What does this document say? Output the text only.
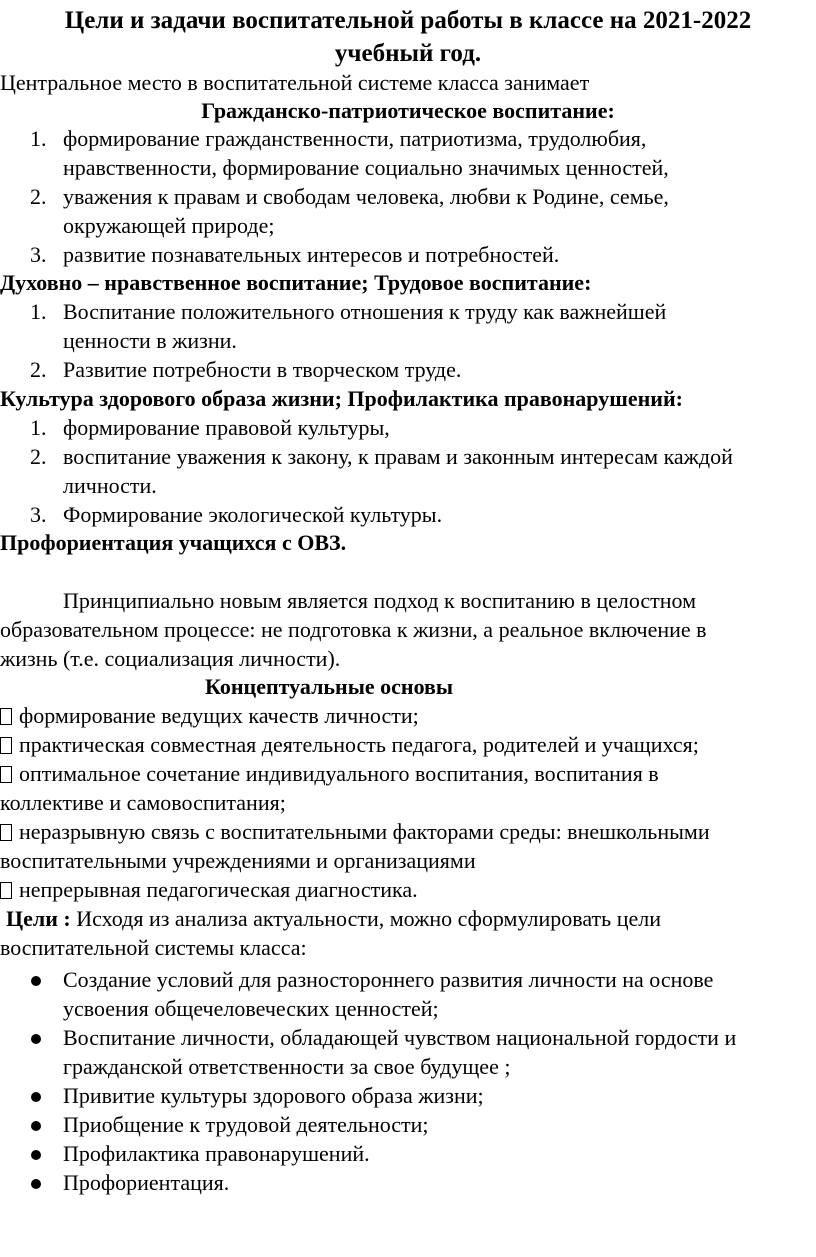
Цели и задачи воспитательной работы в классе на 2021-2022
учебный год.
Центральное место в воспитательной системе класса занимает
Гражданско-патриотическое воспитание:
1. формирование гражданственности, патриотизма, трудолюбия,
нравственности, формирование социально значимых ценностей,
2. уважения к правам и свободам человека, любви к Родине, семье,
окружающей природе;
3. развитие познавательных интересов и потребностей.
Духовно – нравственное воспитание; Трудовое воспитание:
1. Воспитание положительного отношения к труду как важнейшей
ценности в жизни.
2. Развитие потребности в творческом труде.
Культура здорового образа жизни; Профилактика правонарушений:
1. формирование правовой культуры,
2. воспитание уважения к закону, к правам и законным интересам каждой
личности.
3. Формирование экологической культуры.
Профориентация учащихся с ОВЗ.
Принципиально новым является подход к воспитанию в целостном
образовательном процессе: не подготовка к жизни, а реальное включение в
жизнь (т.е. социализация личности).
Концептуальные основы
формирование ведущих качеств личности;
практическая совместная деятельность педагога, родителей и учащихся;
оптимальное сочетание индивидуального воспитания, воспитания в
коллективе и самовоспитания;
неразрывную связь с воспитательными факторами среды: внешкольными
воспитательными учреждениями и организациями
непрерывная педагогическая диагностика.
Цели : Исходя из анализа актуальности, можно сформулировать цели
воспитательной системы класса:
Создание условий для разностороннего развития личности на основе
усвоения общечеловеческих ценностей;
Воспитание личности, обладающей чувством национальной гордости и
гражданской ответственности за свое будущее ;
Привитие культуры здорового образа жизни;
Приобщение к трудовой деятельности;
Профилактика правонарушений.
Профориентация.
